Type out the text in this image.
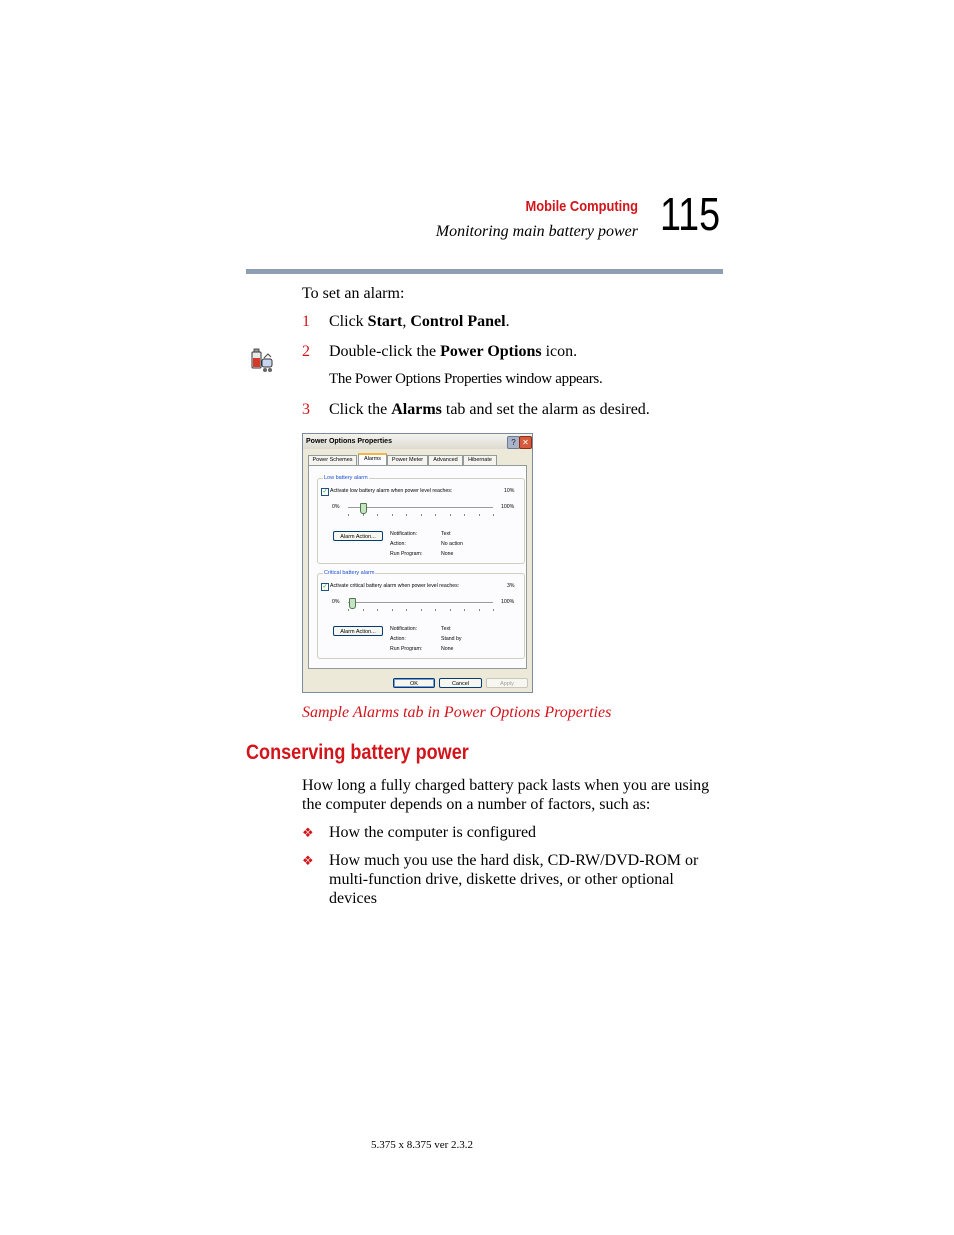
Mobile Computing
Monitoring main battery power 115
To set an alarm:
1 Click Start, Control Panel.
2 Double-click the Power Options icon.
The Power Options Properties window appears.
3 Click the Alarms tab and set the alarm as desired.
Power Options Properties	? ✕
Power Schemes	Alarms	Power Meter	Advanced	Hibernate
Low battery alarm
✓ Activate low battery alarm when power level reaches:	10%
0%	100%
Alarm Action...	Notification:	Text
Action:	No action
Run Program:	None
Critical battery alarm
✓ Activate critical battery alarm when power level reaches:	3%
0%	100%
Alarm Action...	Notification:	Text
Action:	Stand by
Run Program:	None
OK	Cancel	Apply
Sample Alarms tab in Power Options Properties
Conserving battery power
How long a fully charged battery pack lasts when you are using the computer depends on a number of factors, such as:
❖ How the computer is configured
❖ How much you use the hard disk, CD-RW/DVD-ROM or multi-function drive, diskette drives, or other optional devices
5.375 x 8.375 ver 2.3.2
